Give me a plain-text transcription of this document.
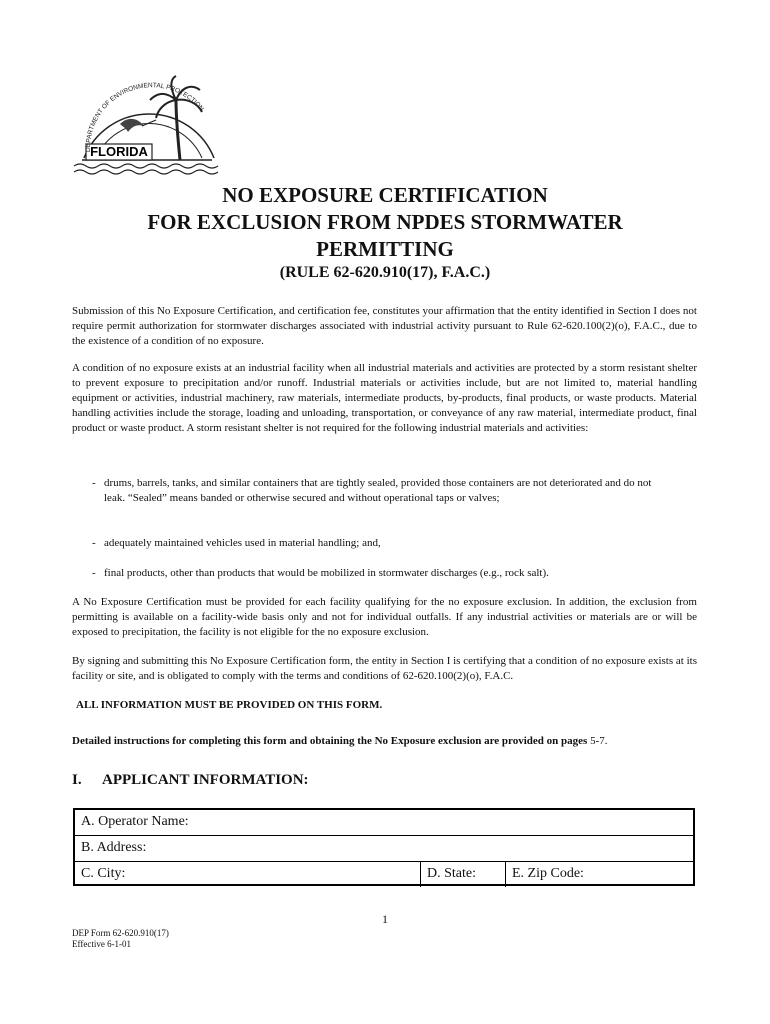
FLORIDA
DEPARTMENT OF ENVIRONMENTAL PROTECTION
NO EXPOSURE CERTIFICATION
FOR EXCLUSION FROM NPDES STORMWATER
PERMITTING
(RULE 62-620.910(17), F.A.C.)
Submission of this No Exposure Certification, and certification fee, constitutes your affirmation that the entity identified in Section I does not require permit authorization for stormwater discharges associated with industrial activity pursuant to Rule 62-620.100(2)(o), F.A.C., due to the existence of a condition of no exposure.
A condition of no exposure exists at an industrial facility when all industrial materials and activities are protected by a storm resistant shelter to prevent exposure to precipitation and/or runoff. Industrial materials or activities include, but are not limited to, material handling equipment or activities, industrial machinery, raw materials, intermediate products, by-products, final products, or waste products. Material handling activities include the storage, loading and unloading, transportation, or conveyance of any raw material, intermediate product, final product or waste product. A storm resistant shelter is not required for the following industrial materials and activities:
- drums, barrels, tanks, and similar containers that are tightly sealed, provided those containers are not deteriorated and do not leak. “Sealed” means banded or otherwise secured and without operational taps or valves;
- adequately maintained vehicles used in material handling; and,
- final products, other than products that would be mobilized in stormwater discharges (e.g., rock salt).
A No Exposure Certification must be provided for each facility qualifying for the no exposure exclusion. In addition, the exclusion from permitting is available on a facility-wide basis only and not for individual outfalls. If any industrial activities or materials are or will be exposed to precipitation, the facility is not eligible for the no exposure exclusion.
By signing and submitting this No Exposure Certification form, the entity in Section I is certifying that a condition of no exposure exists at its facility or site, and is obligated to comply with the terms and conditions of 62-620.100(2)(o), F.A.C.
ALL INFORMATION MUST BE PROVIDED ON THIS FORM.
Detailed instructions for completing this form and obtaining the No Exposure exclusion are provided on pages 5-7.
I. APPLICANT INFORMATION:
A. Operator Name:
B. Address:
C. City:	D. State:	E. Zip Code:
1
DEP Form 62-620.910(17)
Effective 6-1-01
